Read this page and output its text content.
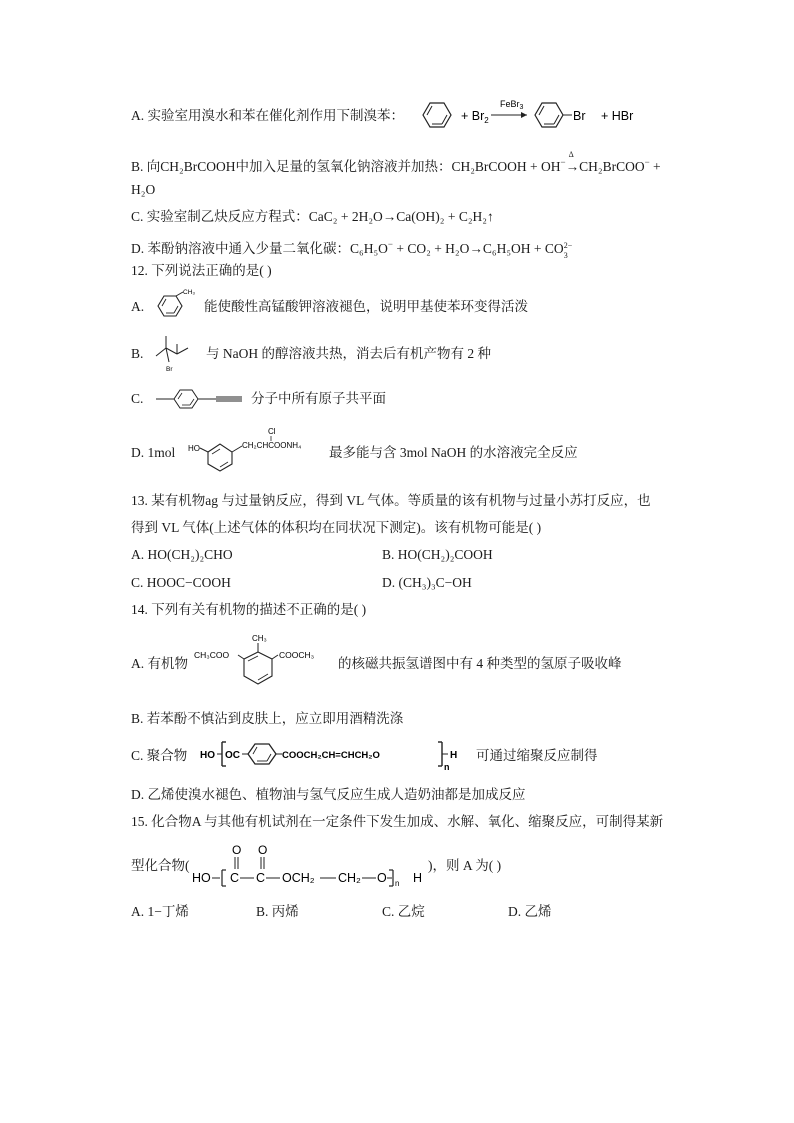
A. 实验室用溴水和苯在催化剂作用下制溴苯：	+ $Br_2$
FeBr$_3$
Br + HBr
B. 向CH₂BrCOOH中加入足量的氢氧化钠溶液并加热：CH₂BrCOOH + OH−
Δ
→CH₂BrCOO− +
H₂O
C. 实验室制乙炔反应方程式：CaC₂ + 2H₂O→Ca(OH)₂ + C₂H₂↑
D. 苯酚钠溶液中通入少量二氧化碳：C₆H₅O− + CO₂ + H₂O→C₆H₅OH + CO 2−
3
12. 下列说法正确的是( )
A.
CH₃
能使酸性高锰酸钾溶液褪色，说明甲基使苯环变得活泼
B.
Br
与 NaOH 的醇溶液共热，消去后有机产物有 2 种
C.	分子中所有原子共平面
D. 1mol HO	CH₂CHCOONH₄
Cl
最多能与含 3mol NaOH 的水溶液完全反应
13. 某有机物ag 与过量钠反应，得到 VL 气体。等质量的该有机物与过量小苏打反应，也
得到 VL 气体(上述气体的体积均在同状况下测定)。该有机物可能是( )
A. HO(CH₂)₂CHO	B. HO(CH₂)₂COOH
C. HOOC−COOH	D. (CH₃)₃C−OH
14. 下列有关有机物的描述不正确的是( )
A. 有机物
CH₃
CH₃COO	COOCH₃
的核磁共振氢谱图中有 4 种类型的氢原子吸收峰
B. 若苯酚不慎沾到皮肤上，应立即用酒精洗涤
C. 聚合物 HO OC	COOCH₂CH=CHCH₂O
n
H 可通过缩聚反应制得
D. 乙烯使溴水褪色、植物油与氢气反应生成人造奶油都是加成反应
15. 化合物A 与其他有机试剂在一定条件下发生加成、水解、氧化、缩聚反应，可制得某新
型化合物(
O O
HO C C OCH₂ CH₂ O n H
)，则 A 为( )
A. 1−丁烯	B. 丙烯	C. 乙烷	D. 乙烯
